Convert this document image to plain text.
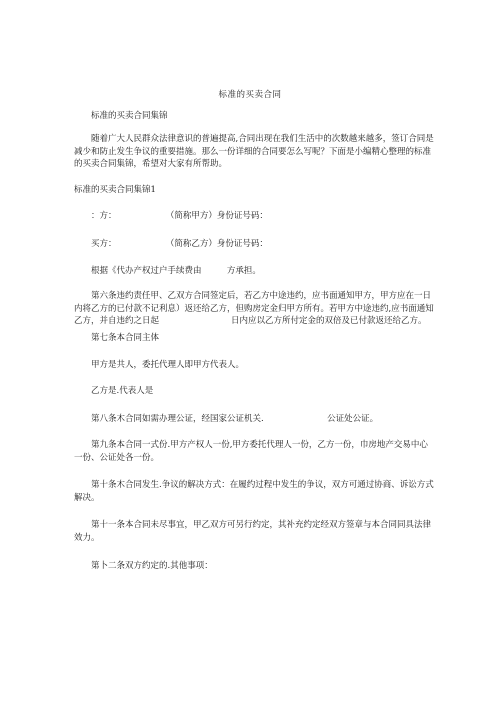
标准的买卖合同
标准的买卖合同集锦
随着广大人民群众法律意识的普遍提高,合同出现在我们生活中的次数越来越多，签订合同是减少和防止发生争议的重要措施。那么一份详细的合同要怎么写呢？下面是小编精心整理的标准的买卖合同集锦，希望对大家有所帮助。
标准的买卖合同集锦1
：方：	（简称甲方）身份证号码：
买方：	（简称乙方）身份证号码：
根据《代办产权过户手续费由	方承担。
第六条违约责任甲、乙双方合同签定后，若乙方中途违约，应书面通知甲方，甲方应在一日内将乙方的已付款不记利息）返还给乙方，但购房定金归甲方所有。若甲方中途违约,应书面通知乙方，并自违约之日起	日内应以乙方所付定金的双倍及已付款返还给乙方。
第七条本合同主体
甲方是共人，委托代理人即甲方代表人。
乙方是.代表人是
第八条木合同如需办理公证，经国家公证机关.	公证处公证。
第九条本合同一式份.甲方产权人一份,甲方委托代理人一份，乙方一份，巾房地产交易中心一份、公证处各一份。
第十条木合同发生.争议的解决方式：在履约过程中发生的争议，双方可通过协商、诉讼方式解决。
第十一条本合同未尽事宜，甲乙双方可另行约定，其补充约定经双方签章与本合同同具法律效力。
第卜二条双方约定的.其他事项：
